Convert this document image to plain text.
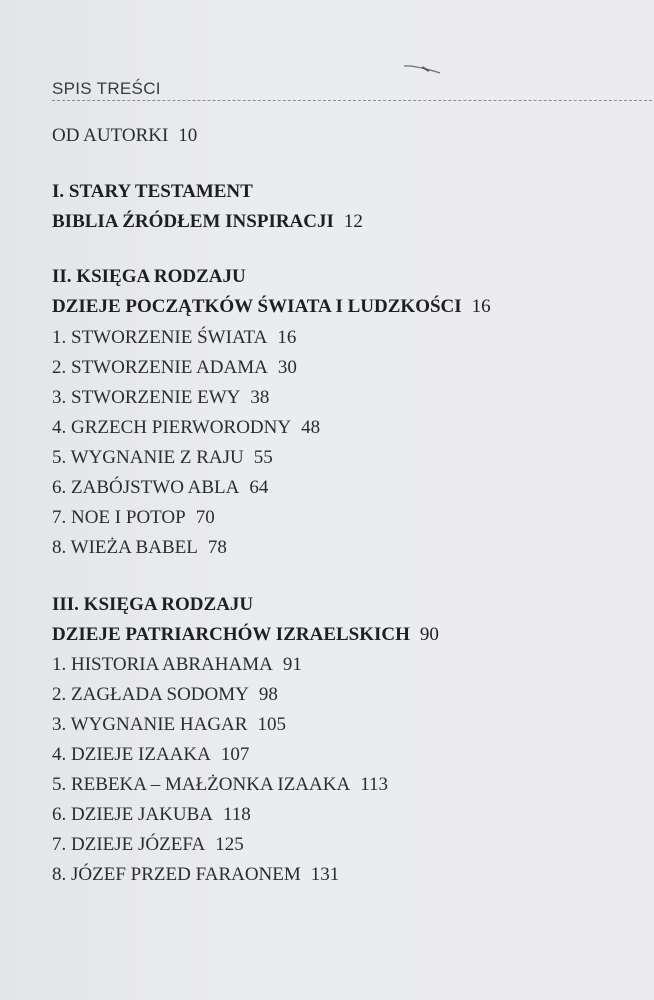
SPIS TREŚCI
OD AUTORKI 10
I. STARY TESTAMENT
BIBLIA ŹRÓDŁEM INSPIRACJI 12
II. KSIĘGA RODZAJU
DZIEJE POCZĄTKÓW ŚWIATA I LUDZKOŚCI 16
1. STWORZENIE ŚWIATA 16
2. STWORZENIE ADAMA 30
3. STWORZENIE EWY 38
4. GRZECH PIERWORODNY 48
5. WYGNANIE Z RAJU 55
6. ZABÓJSTWO ABLA 64
7. NOE I POTOP 70
8. WIEŻA BABEL 78
III. KSIĘGA RODZAJU
DZIEJE PATRIARCHÓW IZRAELSKICH 90
1. HISTORIA ABRAHAMA 91
2. ZAGŁADA SODOMY 98
3. WYGNANIE HAGAR 105
4. DZIEJE IZAAKA 107
5. REBEKA – MAŁŻONKA IZAAKA 113
6. DZIEJE JAKUBA 118
7. DZIEJE JÓZEFA 125
8. JÓZEF PRZED FARAONEM 131
